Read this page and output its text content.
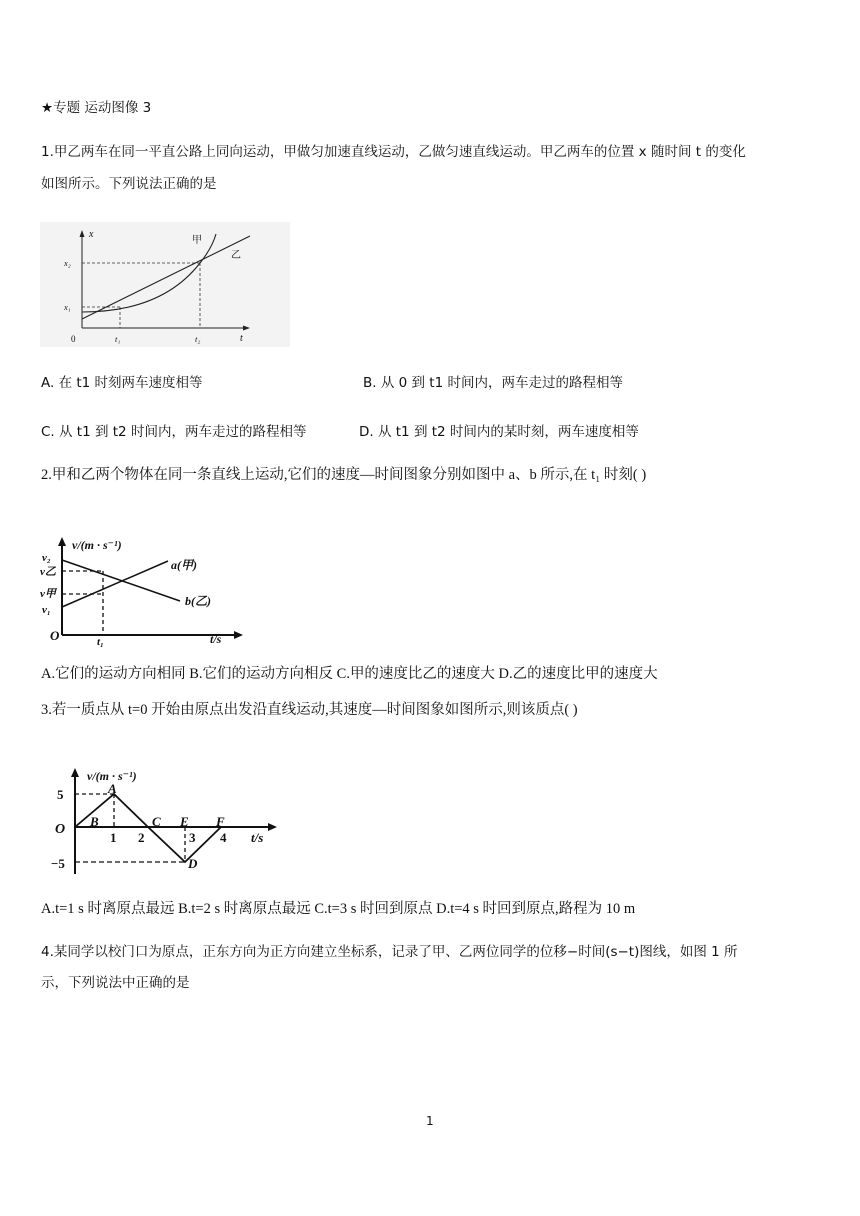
★专题 运动图像 3
1.甲乙两车在同一平直公路上同向运动，甲做匀加速直线运动，乙做匀速直线运动。甲乙两车的位置 x 随时间 t 的变化
如图所示。下列说法正确的是
x
t
0
x₂
x₁
t₁	t₂
甲
乙
A. 在 t1 时刻两车速度相等	B. 从 0 到 t1 时间内，两车走过的路程相等
C. 从 t1 到 t2 时间内，两车走过的路程相等	D. 从 t1 到 t2 时间内的某时刻，两车速度相等
2.甲和乙两个物体在同一条直线上运动,它们的速度—时间图象分别如图中 a、b 所示,在 t₁ 时刻( )
v/(m · s⁻¹)
t/s
O
v₂
v乙
v甲
v₁
t₁
a(甲)
b(乙)
A.它们的运动方向相同 B.它们的运动方向相反 C.甲的速度比乙的速度大 D.乙的速度比甲的速度大
3.若一质点从 t=0 开始由原点出发沿直线运动,其速度—时间图象如图所示,则该质点( )
5
−5
O
1 2	3 4
A
B	C E F
D
v/(m · s⁻¹)
t/s
A.t=1 s 时离原点最远 B.t=2 s 时离原点最远 C.t=3 s 时回到原点 D.t=4 s 时回到原点,路程为 10 m
4.某同学以校门口为原点，正东方向为正方向建立坐标系，记录了甲、乙两位同学的位移−时间(s−t)图线，如图 1 所
示，下列说法中正确的是
1
